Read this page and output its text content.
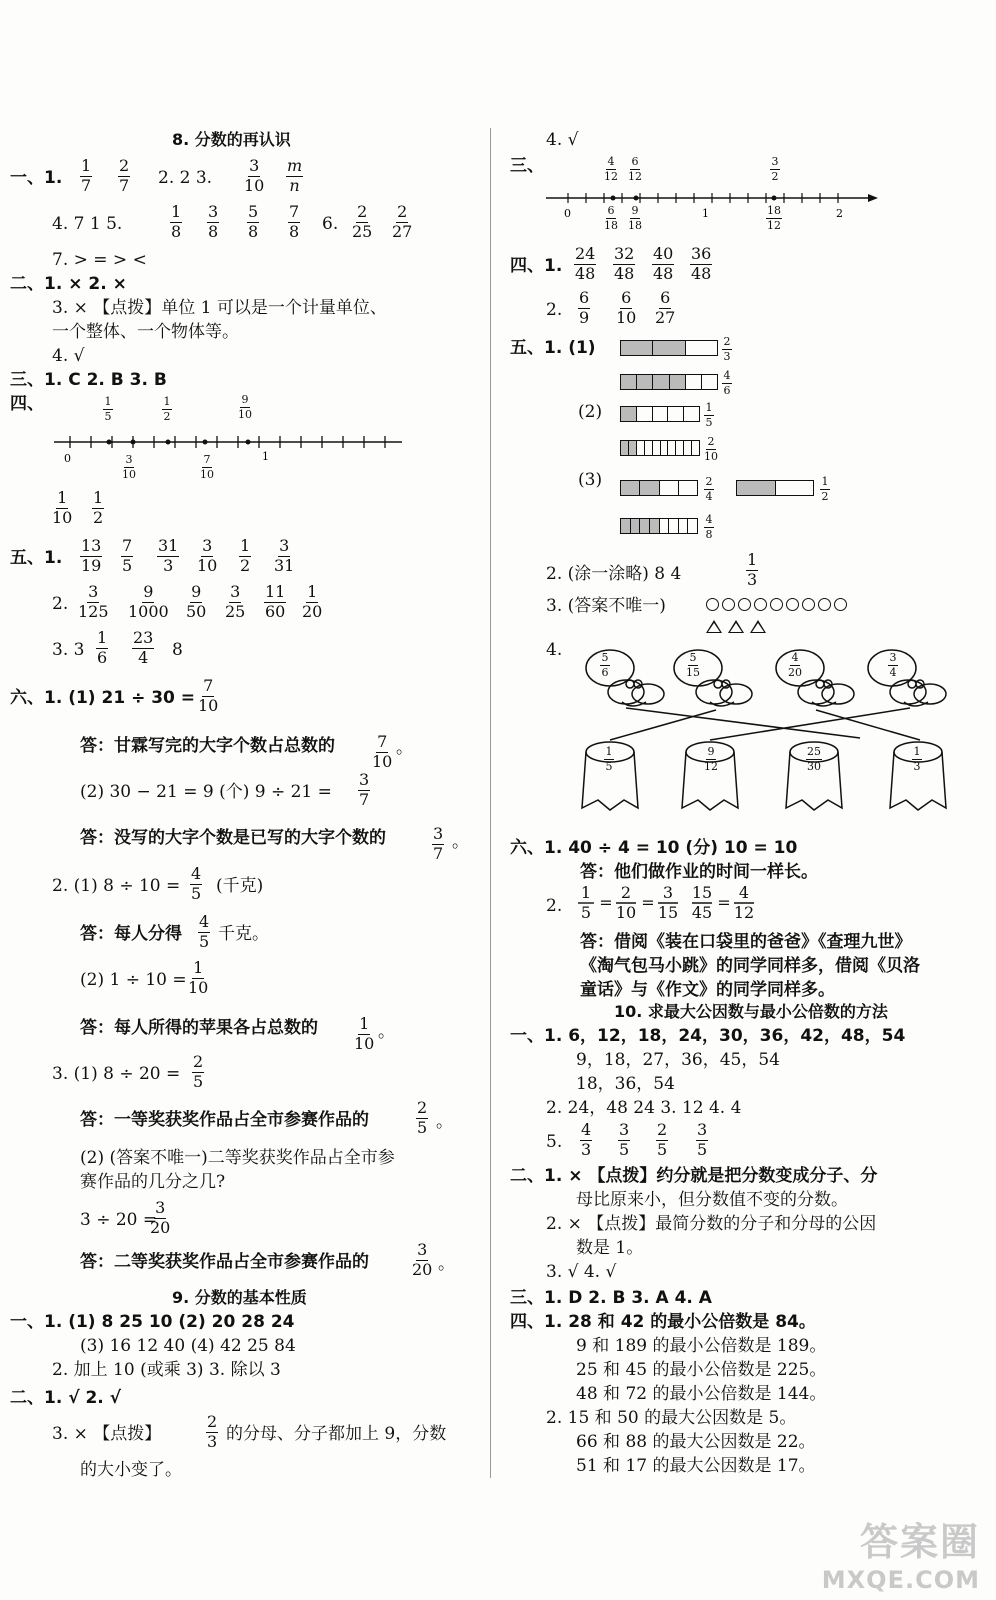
8. 分数的再认识
一、1. $\frac{1}{7} \frac{2}{7} 2$. 2 3. $\frac{3}{10} \frac{m}{n}$
4. 7 1 5.	$\frac{1}{8} \frac{3}{8} \frac{5}{8} \frac{7}{8} 6$. $\frac{2}{25} \frac{2}{27}$
7. > = > <
二、1. × 2. ×
3. × 【点拨】单位 1 可以是一个计量单位、
一个整体、一个物体等。
4. √
三、1. C 2. B 3. B
四、
0	1
$\frac{1}{5}$	$\frac{1}{2}$	$\frac{9}{10}$
$\frac{3}{10}$	$\frac{7}{10}$
$\frac{1}{10} \frac{1}{2}$
五、1. $\frac{13}{19} \frac{7}{5} \frac{31}{3} \frac{3}{10} \frac{1}{2} \frac{3}{31}$
2. $\frac{3}{125} \frac{9}{1000} \frac{9}{50} \frac{3}{25} \frac{11}{60} \frac{1}{20}$
3. $3 \frac{1}{6} \frac{23}{4} 8$
六、1. (1) $21 \div 30 = \frac{7}{10}$
答：甘霖写完的大字个数占总数的 $\frac{7}{10}$ 。
(2) 30 − 21 = 9 (个) $9 \div 21 = \frac{3}{7}$
答：没写的大字个数是已写的大字个数的	$\frac{3}{7}$ 。
2. (1) $8 \div 10 = \frac{4}{5}$ (千克)
答：每人分得 $\frac{4}{5}$ 千克。
(2) $1 \div 10 = \frac{1}{10}$
答：每人所得的苹果各占总数的 $\frac{1}{10}$ 。
3. (1) $8 \div 20 = \frac{2}{5}$
答：一等奖获奖作品占全市参赛作品的	$\frac{2}{5}$ 。
(2) (答案不唯一)二等奖获奖作品占全市参
赛作品的几分之几?
3 ÷ 20 =
$\frac{3}{20}$
答：二等奖获奖作品占全市参赛作品的	$\frac{3}{20}$ 。
9. 分数的基本性质
一、1. (1) 8 25 10 (2) 20 28 24
(3) 16 12 40 (4) 42 25 84
2. 加上 10 (或乘 3) 3. 除以 3
二、1. √ 2. √
3. × 【点拨】	$\frac{2}{3}$ 的分母、分子都加上 9，分数
的大小变了。
4. √
三、
0	1	2
$\frac{4}{12} \frac{6}{12}$	$\frac{3}{2}$
$\frac{6}{18} \frac{9}{18}$	$\frac{18}{12}$
四、1. $\frac{24}{48} \frac{32}{48} \frac{40}{48} \frac{36}{48}$
2. $\frac{6}{9} \frac{6}{10} \frac{6}{27}$
五、1. (1)	$\frac{2}{3}$
$\frac{4}{6}$
(2)	$\frac{1}{5}$
$\frac{2}{10}$
(3)	$\frac{2}{4}$	$\frac{1}{2}$
$\frac{4}{8}$
2. (涂一涂略) 8 4	$\frac{1}{3}$
3. (答案不唯一)
4.
$\frac{5}{6}$	$\frac{5}{15}$	$\frac{4}{20}$	$\frac{3}{4}$
$\frac{1}{5}$	$\frac{9}{12}$	$\frac{25}{30}$	$\frac{1}{3}$
六、1. 40 ÷ 4 = 10 (分) 10 = 10
答：他们做作业的时间一样长。
2.
1
5
=
2
10
=
3
15
15
45
=
4
12
答：借阅《装在口袋里的爸爸》《查理九世》
《淘气包马小跳》的同学同样多，借阅《贝洛
童话》与《作文》的同学同样多。
10. 求最大公因数与最小公倍数的方法
一、1. 6，12，18，24，30，36，42，48，54
9，18，27，36，45，54
18，36，54
2. 24，48 24 3. 12 4. 4
5. $\frac{4}{3} \frac{3}{5} \frac{2}{5} \frac{3}{5}$
二、1. × 【点拨】约分就是把分数变成分子、分
母比原来小，但分数值不变的分数。
2. × 【点拨】最简分数的分子和分母的公因
数是 1。
3. √ 4. √
三、1. D 2. B 3. A 4. A
四、1. 28 和 42 的最小公倍数是 84。
9 和 189 的最小公倍数是 189。
25 和 45 的最小公倍数是 225。
48 和 72 的最小公倍数是 144。
2. 15 和 50 的最大公因数是 5。
66 和 88 的最大公因数是 22。
51 和 17 的最大公因数是 17。
答案圈
MXQE.COM
